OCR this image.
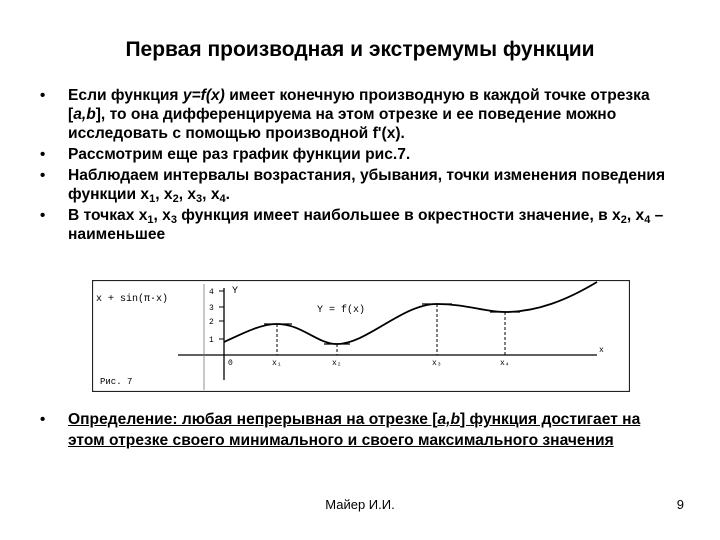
Первая производная и экстремумы функции
•	Если функция y=f(x) имеет конечную производную в каждой точке отрезка [a,b], то она дифференцируема на этом отрезке и ее поведение можно исследовать с помощью производной f'(x).
•	Рассмотрим еще раз график функции рис.7.
•	Наблюдаем интервалы возрастания, убывания, точки изменения поведения функции $x_1$, $x_2$, $x_3$, $x_4$.
•	В точках $x_1$, $x_3$ функция имеет наибольшее в окрестности значение, в $x_2$, $x_4$ – наименьшее
x + sin(π·x)
Y = f(x)
Y
x
4
3
2
1
0	x₁	x₂	x₃	x₄
Рис. 7
•	Определение: любая непрерывная на отрезке [a,b] функция достигает на этом отрезке своего минимального и своего максимального значения
Майер И.И.	9
